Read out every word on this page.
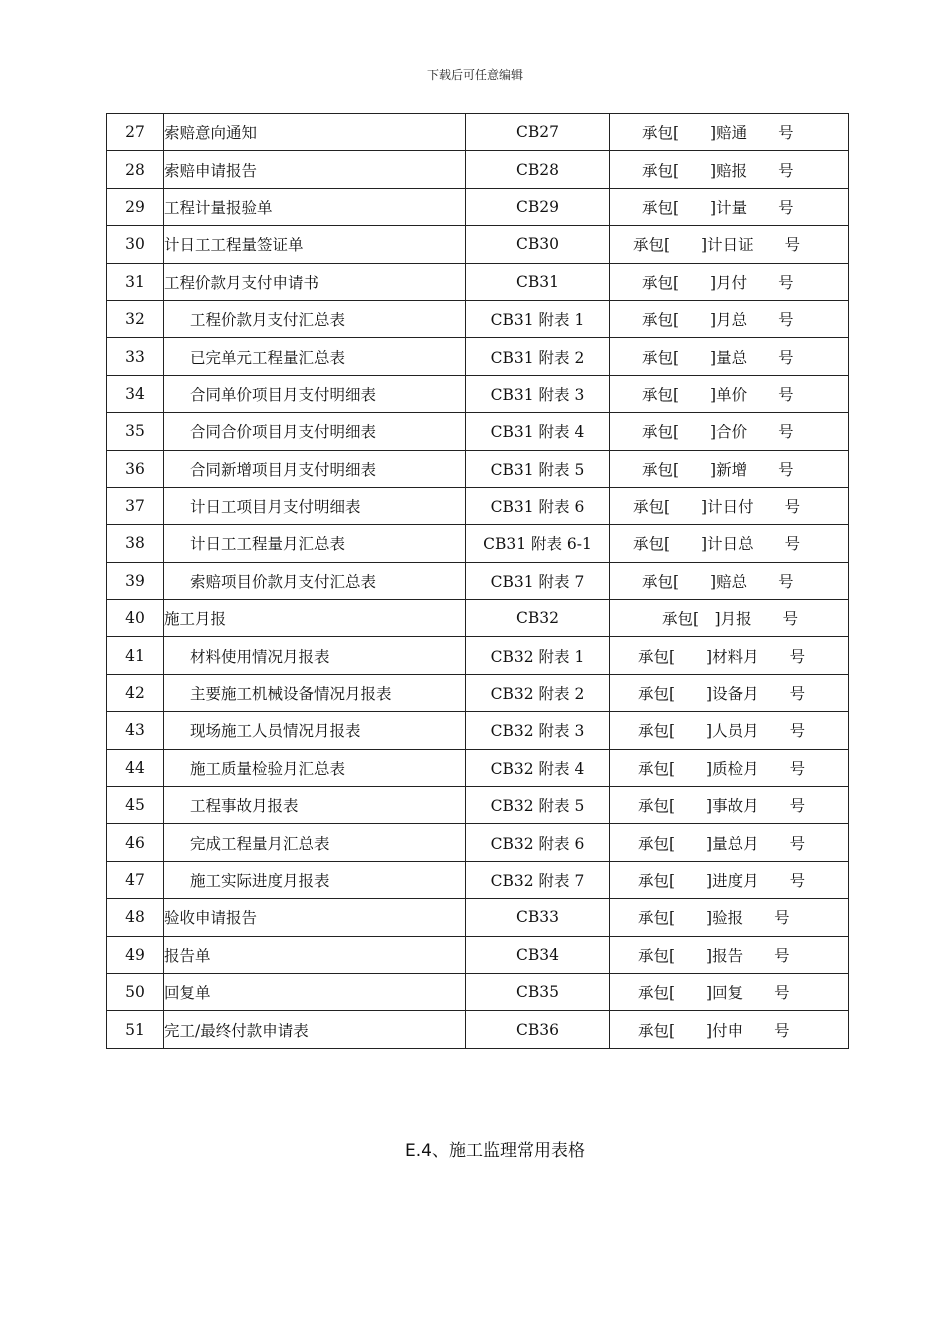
下载后可任意编辑
27	索赔意向通知	CB27	承包[　　]赔通　　号
28	索赔申请报告	CB28	承包[　　]赔报　　号
29	工程计量报验单	CB29	承包[　　]计量　　号
30	计日工工程量签证单	CB30	承包[　　]计日证　　号
31	工程价款月支付申请书	CB31	承包[　　]月付　　号
32	工程价款月支付汇总表	CB31 附表 1	承包[　　]月总　　号
33	已完单元工程量汇总表	CB31 附表 2	承包[　　]量总　　号
34	合同单价项目月支付明细表	CB31 附表 3	承包[　　]单价　　号
35	合同合价项目月支付明细表	CB31 附表 4	承包[　　]合价　　号
36	合同新增项目月支付明细表	CB31 附表 5	承包[　　]新增　　号
37	计日工项目月支付明细表	CB31 附表 6	承包[　　]计日付　　号
38	计日工工程量月汇总表	CB31 附表 6-1	承包[　　]计日总　　号
39	索赔项目价款月支付汇总表	CB31 附表 7	承包[　　]赔总　　号
40	施工月报	CB32	承包[　]月报　　号
41	材料使用情况月报表	CB32 附表 1	承包[　　]材料月　　号
42	主要施工机械设备情况月报表	CB32 附表 2	承包[　　]设备月　　号
43	现场施工人员情况月报表	CB32 附表 3	承包[　　]人员月　　号
44	施工质量检验月汇总表	CB32 附表 4	承包[　　]质检月　　号
45	工程事故月报表	CB32 附表 5	承包[　　]事故月　　号
46	完成工程量月汇总表	CB32 附表 6	承包[　　]量总月　　号
47	施工实际进度月报表	CB32 附表 7	承包[　　]进度月　　号
48	验收申请报告	CB33	承包[　　]验报　　号
49	报告单	CB34	承包[　　]报告　　号
50	回复单	CB35	承包[　　]回复　　号
51	完工/最终付款申请表	CB36	承包[　　]付申　　号
E.4、施工监理常用表格
